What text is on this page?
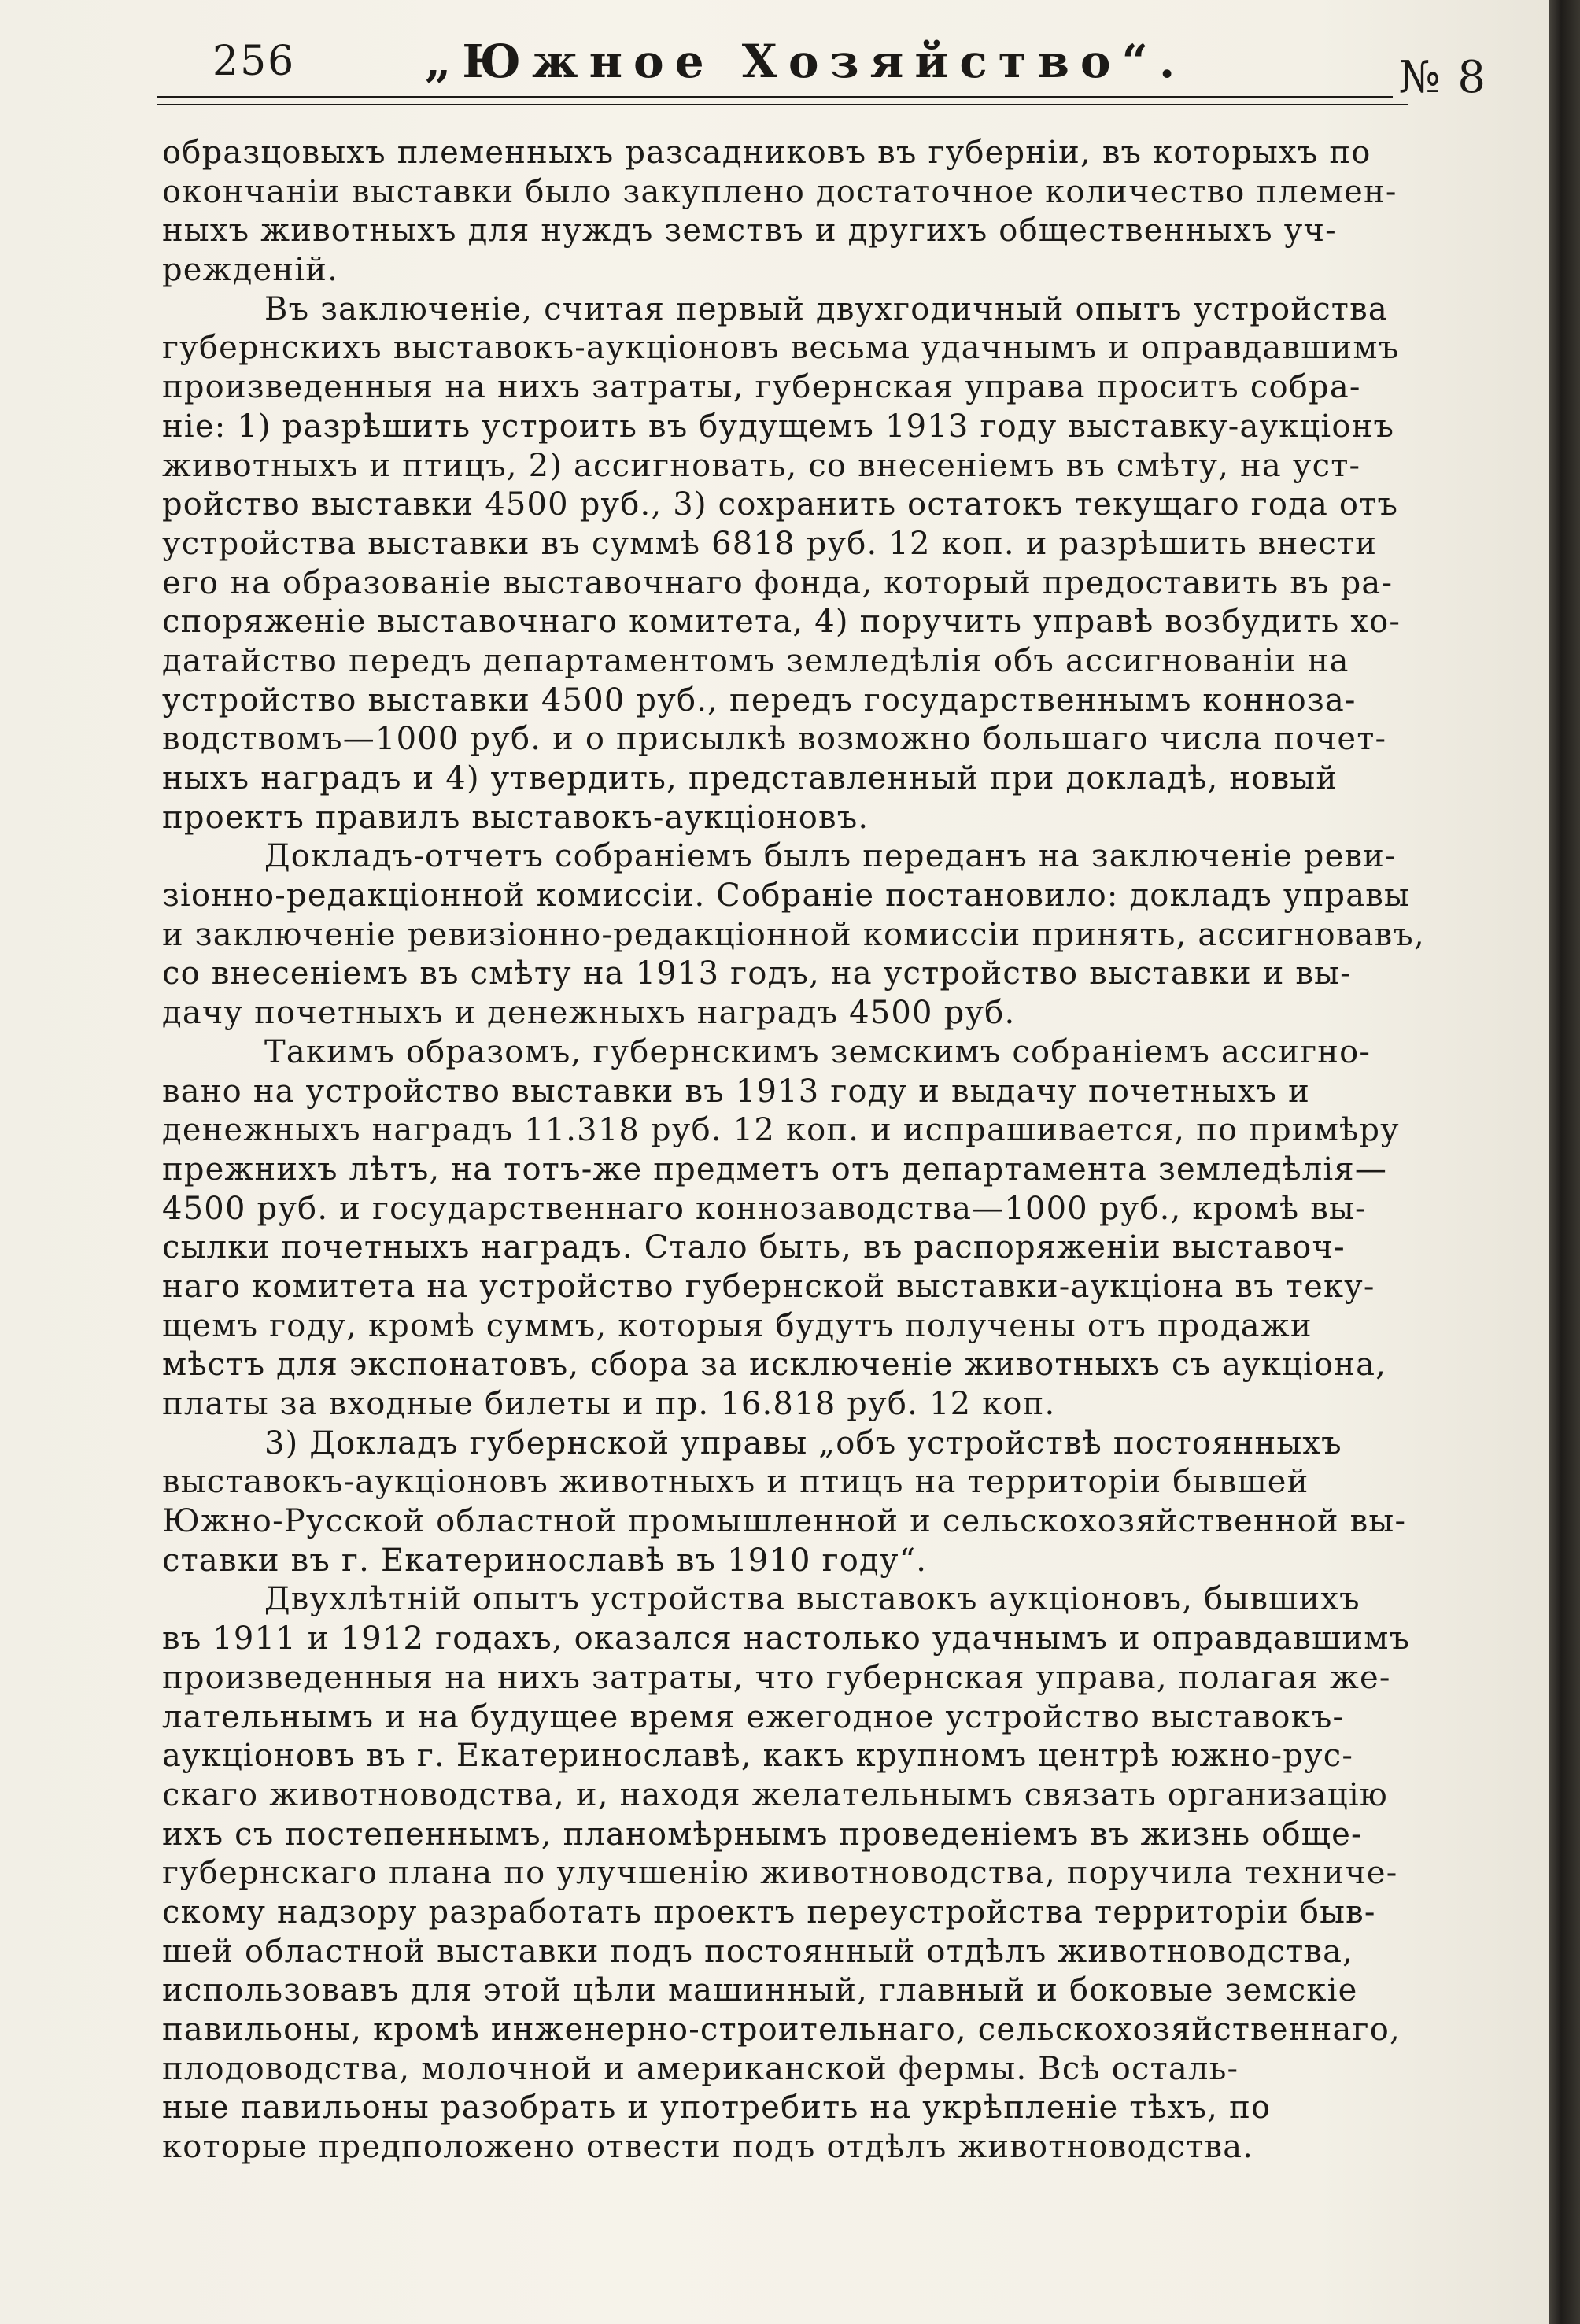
256	„Южное Хозяйство“.	№ 8
образцовыхъ племенныхъ разсадниковъ въ губерніи, въ которыхъ по
окончаніи выставки было закуплено достаточное количество племен-
ныхъ животныхъ для нуждъ земствъ и другихъ общественныхъ уч-
режденій.
Въ заключеніе, считая первый двухгодичный опытъ устройства
губернскихъ выставокъ-аукціоновъ весьма удачнымъ и оправдавшимъ
произведенныя на нихъ затраты, губернская управа проситъ собра-
ніе: 1) разрѣшить устроить въ будущемъ 1913 году выставку-аукціонъ
животныхъ и птицъ, 2) ассигновать, со внесеніемъ въ смѣту, на уст-
ройство выставки 4500 руб., 3) сохранить остатокъ текущаго года отъ
устройства выставки въ суммѣ 6818 руб. 12 коп. и разрѣшить внести
его на образованіе выставочнаго фонда, который предоставить въ ра-
споряженіе выставочнаго комитета, 4) поручить управѣ возбудить хо-
датайство передъ департаментомъ земледѣлія объ ассигнованіи на
устройство выставки 4500 руб., передъ государственнымъ конноза-
водствомъ—1000 руб. и о присылкѣ возможно большаго числа почет-
ныхъ наградъ и 4) утвердить, представленный при докладѣ, новый
проектъ правилъ выставокъ-аукціоновъ.
Докладъ-отчетъ собраніемъ былъ переданъ на заключеніе реви-
зіонно-редакціонной комиссіи. Собраніе постановило: докладъ управы
и заключеніе ревизіонно-редакціонной комиссіи принять, ассигновавъ,
со внесеніемъ въ смѣту на 1913 годъ, на устройство выставки и вы-
дачу почетныхъ и денежныхъ наградъ 4500 руб.
Такимъ образомъ, губернскимъ земскимъ собраніемъ ассигно-
вано на устройство выставки въ 1913 году и выдачу почетныхъ и
денежныхъ наградъ 11.318 руб. 12 коп. и испрашивается, по примѣру
прежнихъ лѣтъ, на тотъ-же предметъ отъ департамента земледѣлія—
4500 руб. и государственнаго коннозаводства—1000 руб., кромѣ вы-
сылки почетныхъ наградъ. Стало быть, въ распоряженіи выставоч-
наго комитета на устройство губернской выставки-аукціона въ теку-
щемъ году, кромѣ суммъ, которыя будутъ получены отъ продажи
мѣстъ для экспонатовъ, сбора за исключеніе животныхъ съ аукціона,
платы за входные билеты и пр. 16.818 руб. 12 коп.
3) Докладъ губернской управы „объ устройствѣ постоянныхъ
выставокъ-аукціоновъ животныхъ и птицъ на территоріи бывшей
Южно-Русской областной промышленной и сельскохозяйственной вы-
ставки въ г. Екатеринославѣ въ 1910 году“.
Двухлѣтній опытъ устройства выставокъ аукціоновъ, бывшихъ
въ 1911 и 1912 годахъ, оказался настолько удачнымъ и оправдавшимъ
произведенныя на нихъ затраты, что губернская управа, полагая же-
лательнымъ и на будущее время ежегодное устройство выставокъ-
аукціоновъ въ г. Екатеринославѣ, какъ крупномъ центрѣ южно-рус-
скаго животноводства, и, находя желательнымъ связать организацію
ихъ съ постепеннымъ, планомѣрнымъ проведеніемъ въ жизнь обще-
губернскаго плана по улучшенію животноводства, поручила техниче-
скому надзору разработать проектъ переустройства территоріи быв-
шей областной выставки подъ постоянный отдѣлъ животноводства,
использовавъ для этой цѣли машинный, главный и боковые земскіе
павильоны, кромѣ инженерно-строительнаго, сельскохозяйственнаго,
плодоводства, молочной и американской фермы. Всѣ осталь-
ные павильоны разобрать и употребить на укрѣпленіе тѣхъ, по
которые предположено отвести подъ отдѣлъ животноводства.
